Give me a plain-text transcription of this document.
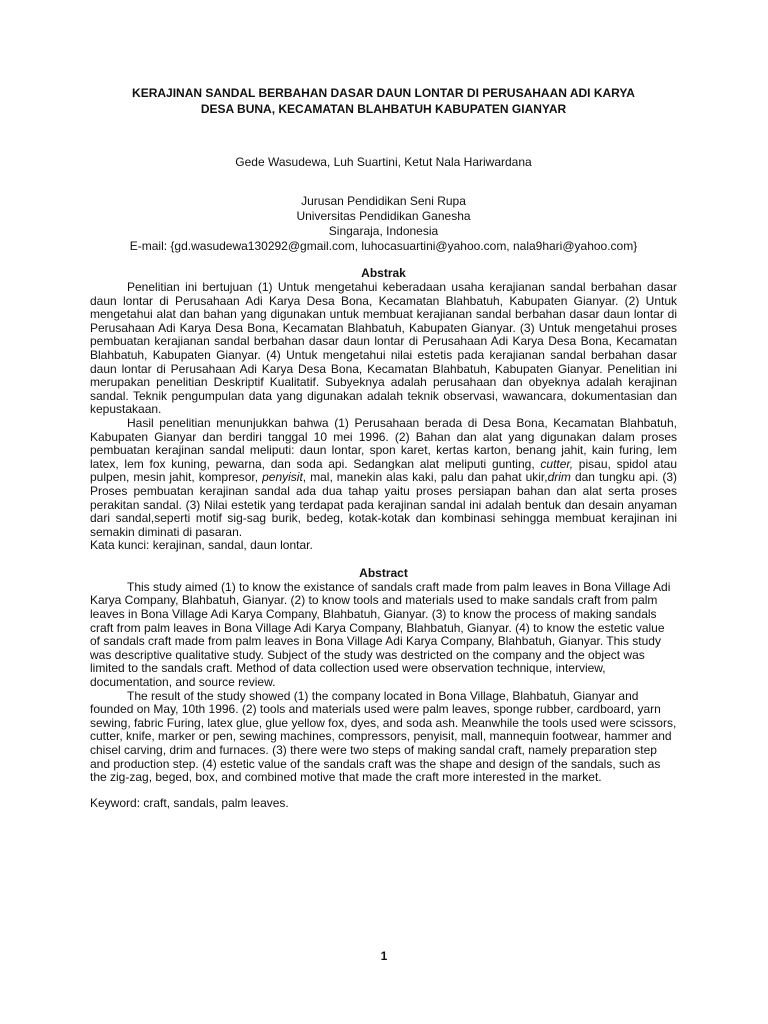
KERAJINAN SANDAL BERBAHAN DASAR DAUN LONTAR DI PERUSAHAAN ADI KARYA

DESA BUNA, KECAMATAN BLAHBATUH KABUPATEN GIANYAR

Gede Wasudewa, Luh Suartini, Ketut Nala Hariwardana

Jurusan Pendidikan Seni Rupa

Universitas Pendidikan Ganesha

Singaraja, Indonesia

E-mail: {gd.wasudewa130292@gmail.com, luhocasuartini@yahoo.com, nala9hari@yahoo.com}

Abstrak

Penelitian ini bertujuan (1) Untuk mengetahui keberadaan usaha kerajianan sandal berbahan dasar daun lontar di Perusahaan Adi Karya Desa Bona, Kecamatan Blahbatuh, Kabupaten Gianyar. (2) Untuk mengetahui alat dan bahan yang digunakan untuk membuat kerajianan sandal berbahan dasar daun lontar di Perusahaan Adi Karya Desa Bona, Kecamatan Blahbatuh, Kabupaten Gianyar. (3) Untuk mengetahui proses pembuatan kerajianan sandal berbahan dasar daun lontar di Perusahaan Adi Karya Desa Bona, Kecamatan Blahbatuh, Kabupaten Gianyar. (4) Untuk mengetahui nilai estetis pada kerajianan sandal berbahan dasar daun lontar di Perusahaan Adi Karya Desa Bona, Kecamatan Blahbatuh, Kabupaten Gianyar. Penelitian ini merupakan penelitian Deskriptif Kualitatif. Subyeknya adalah perusahaan dan obyeknya adalah kerajinan sandal. Teknik pengumpulan data yang digunakan adalah teknik observasi, wawancara, dokumentasian dan kepustakaan.

Hasil penelitian menunjukkan bahwa (1) Perusahaan berada di Desa Bona, Kecamatan Blahbatuh, Kabupaten Gianyar dan berdiri tanggal 10 mei 1996. (2) Bahan dan alat yang digunakan dalam proses pembuatan kerajinan sandal meliputi: daun lontar, spon karet, kertas karton, benang jahit, kain furing, lem latex, lem fox kuning, pewarna, dan soda api. Sedangkan alat meliputi gunting, cutter, pisau, spidol atau pulpen, mesin jahit, kompresor, penyisit, mal, manekin alas kaki, palu dan pahat ukir,drim dan tungku api. (3) Proses pembuatan kerajinan sandal ada dua tahap yaitu proses persiapan bahan dan alat serta proses perakitan sandal. (3) Nilai estetik yang terdapat pada kerajinan sandal ini adalah bentuk dan desain anyaman dari sandal,seperti motif sig-sag burik, bedeg, kotak-kotak dan kombinasi sehingga membuat kerajinan ini semakin diminati di pasaran.

Kata kunci: kerajinan, sandal, daun lontar.

Abstract

This study aimed (1) to know the existance of sandals craft made from palm leaves in Bona Village Adi Karya Company, Blahbatuh, Gianyar. (2) to know tools and materials used to make sandals craft from palm leaves in Bona Village Adi Karya Company, Blahbatuh, Gianyar. (3) to know the process of making sandals craft from palm leaves in Bona Village Adi Karya Company, Blahbatuh, Gianyar. (4) to know the estetic value of sandals craft made from palm leaves in Bona Village Adi Karya Company, Blahbatuh, Gianyar. This study was descriptive qualitative study. Subject of the study was destricted on the company and the object was limited to the sandals craft. Method of data collection used were observation technique, interview, documentation, and source review.

The result of the study showed (1) the company located in Bona Village, Blahbatuh, Gianyar and founded on May, 10th 1996. (2) tools and materials used were palm leaves, sponge rubber, cardboard, yarn sewing, fabric Furing, latex glue, glue yellow fox, dyes, and soda ash. Meanwhile the tools used were scissors, cutter, knife, marker or pen, sewing machines, compressors, penyisit, mall, mannequin footwear, hammer and chisel carving, drim and furnaces. (3) there were two steps of making sandal craft, namely preparation step and production step. (4) estetic value of the sandals craft was the shape and design of the sandals, such as the zig-zag, beged, box, and combined motive that made the craft more interested in the market.

Keyword: craft, sandals, palm leaves.

1
